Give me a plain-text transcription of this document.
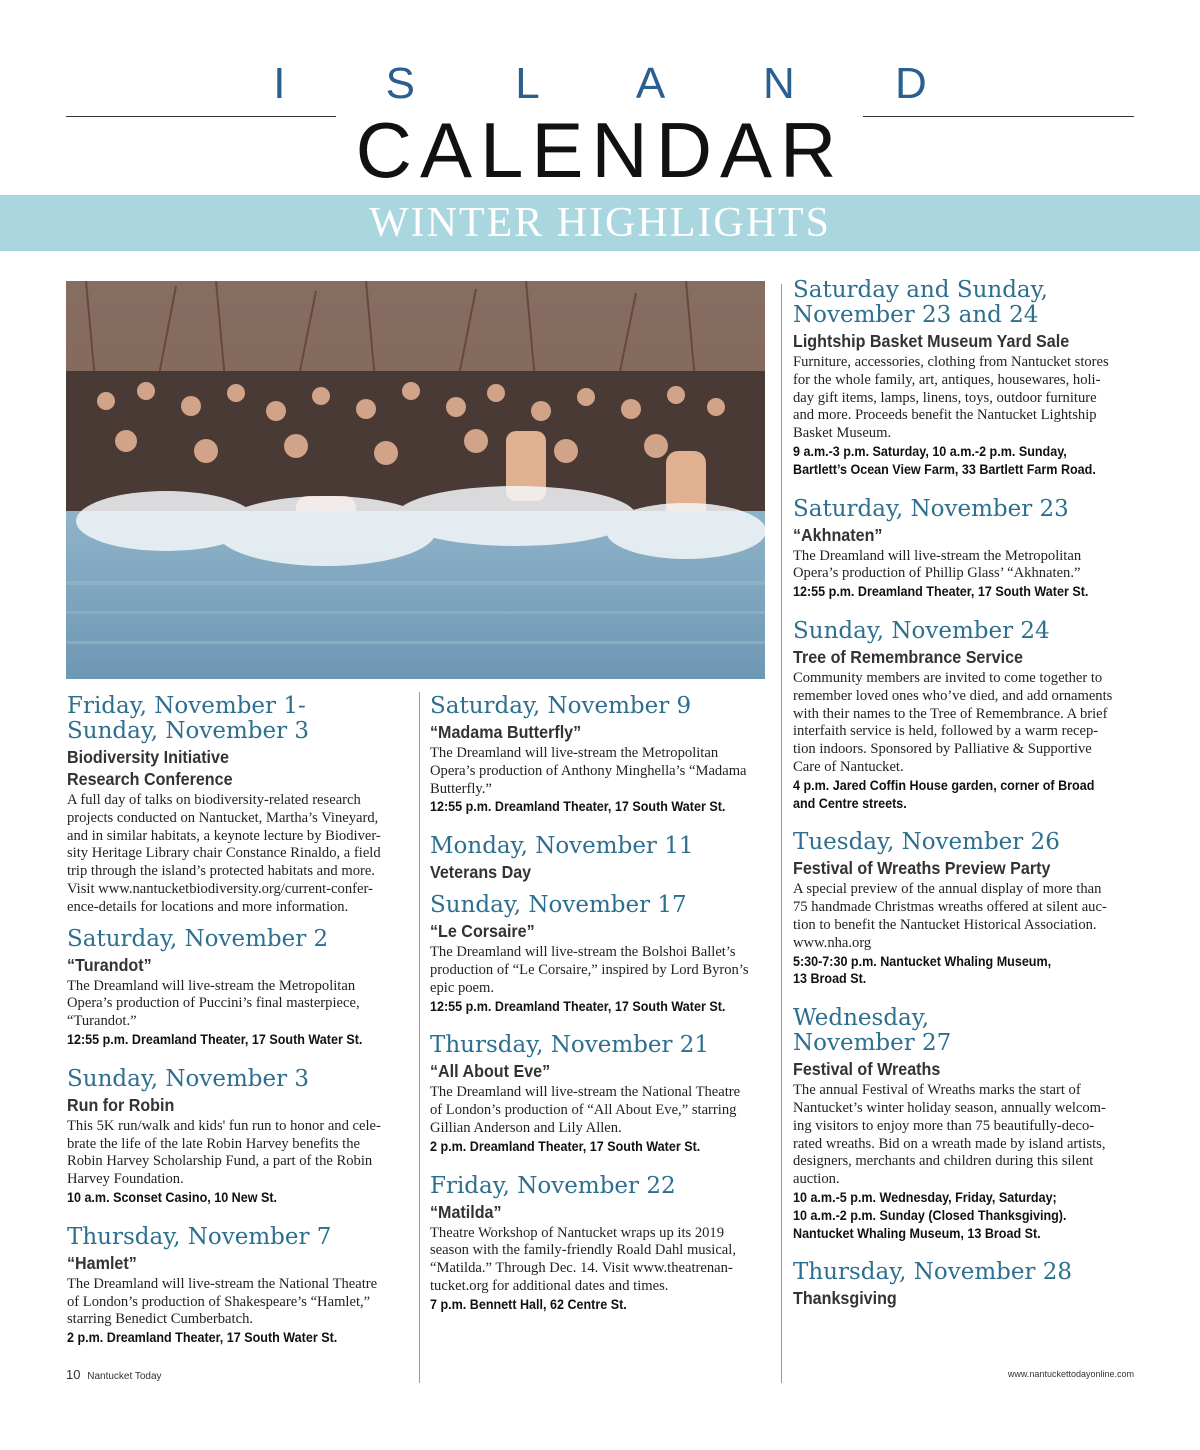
I S L A N D
CALENDAR
WINTER HIGHLIGHTS

Friday, November 1-
Sunday, November 3

Biodiversity Initiative
Research Conference

A full day of talks on biodiversity-related research
projects conducted on Nantucket, Martha’s Vineyard,
and in similar habitats, a keynote lecture by Biodiver-
sity Heritage Library chair Constance Rinaldo, a field
trip through the island’s protected habitats and more.
Visit www.nantucketbiodiversity.org/current-confer-
ence-details for locations and more information.

Saturday, November 2

“Turandot”

The Dreamland will live-stream the Metropolitan
Opera’s production of Puccini’s final masterpiece,
“Turandot.”

12:55 p.m. Dreamland Theater, 17 South Water St.

Sunday, November 3

Run for Robin

This 5K run/walk and kids' fun run to honor and cele-
brate the life of the late Robin Harvey benefits the
Robin Harvey Scholarship Fund, a part of the Robin
Harvey Foundation.

10 a.m. Sconset Casino, 10 New St.

Thursday, November 7

“Hamlet”

The Dreamland will live-stream the National Theatre
of London’s production of Shakespeare’s “Hamlet,”
starring Benedict Cumberbatch.

2 p.m. Dreamland Theater, 17 South Water St.

Saturday, November 9

“Madama Butterfly”

The Dreamland will live-stream the Metropolitan
Opera’s production of Anthony Minghella’s “Madama
Butterfly.”

12:55 p.m. Dreamland Theater, 17 South Water St.

Monday, November 11

Veterans Day

Sunday, November 17

“Le Corsaire”

The Dreamland will live-stream the Bolshoi Ballet’s
production of “Le Corsaire,” inspired by Lord Byron’s
epic poem.

12:55 p.m. Dreamland Theater, 17 South Water St.

Thursday, November 21

“All About Eve”

The Dreamland will live-stream the National Theatre
of London’s production of “All About Eve,” starring
Gillian Anderson and Lily Allen.

2 p.m. Dreamland Theater, 17 South Water St.

Friday, November 22

“Matilda”

Theatre Workshop of Nantucket wraps up its 2019
season with the family-friendly Roald Dahl musical,
“Matilda.” Through Dec. 14. Visit www.theatrenan-
tucket.org for additional dates and times.

7 p.m. Bennett Hall, 62 Centre St.

Saturday and Sunday,
November 23 and 24

Lightship Basket Museum Yard Sale

Furniture, accessories, clothing from Nantucket stores
for the whole family, art, antiques, housewares, holi-
day gift items, lamps, linens, toys, outdoor furniture
and more. Proceeds benefit the Nantucket Lightship
Basket Museum.

9 a.m.-3 p.m. Saturday, 10 a.m.-2 p.m. Sunday,
Bartlett’s Ocean View Farm, 33 Bartlett Farm Road.

Saturday, November 23

“Akhnaten”

The Dreamland will live-stream the Metropolitan
Opera’s production of Phillip Glass’ “Akhnaten.”

12:55 p.m. Dreamland Theater, 17 South Water St.

Sunday, November 24

Tree of Remembrance Service

Community members are invited to come together to
remember loved ones who’ve died, and add ornaments
with their names to the Tree of Remembrance. A brief
interfaith service is held, followed by a warm recep-
tion indoors. Sponsored by Palliative & Supportive
Care of Nantucket.

4 p.m. Jared Coffin House garden, corner of Broad
and Centre streets.

Tuesday, November 26

Festival of Wreaths Preview Party

A special preview of the annual display of more than
75 handmade Christmas wreaths offered at silent auc-
tion to benefit the Nantucket Historical Association.
www.nha.org

5:30-7:30 p.m. Nantucket Whaling Museum,
13 Broad St.

Wednesday,
November 27

Festival of Wreaths

The annual Festival of Wreaths marks the start of
Nantucket’s winter holiday season, annually welcom-
ing visitors to enjoy more than 75 beautifully-deco-
rated wreaths. Bid on a wreath made by island artists,
designers, merchants and children during this silent
auction.

10 a.m.-5 p.m. Wednesday, Friday, Saturday;
10 a.m.-2 p.m. Sunday (Closed Thanksgiving).
Nantucket Whaling Museum, 13 Broad St.

Thursday, November 28

Thanksgiving

10 Nantucket Today	www.nantuckettodayonline.com
